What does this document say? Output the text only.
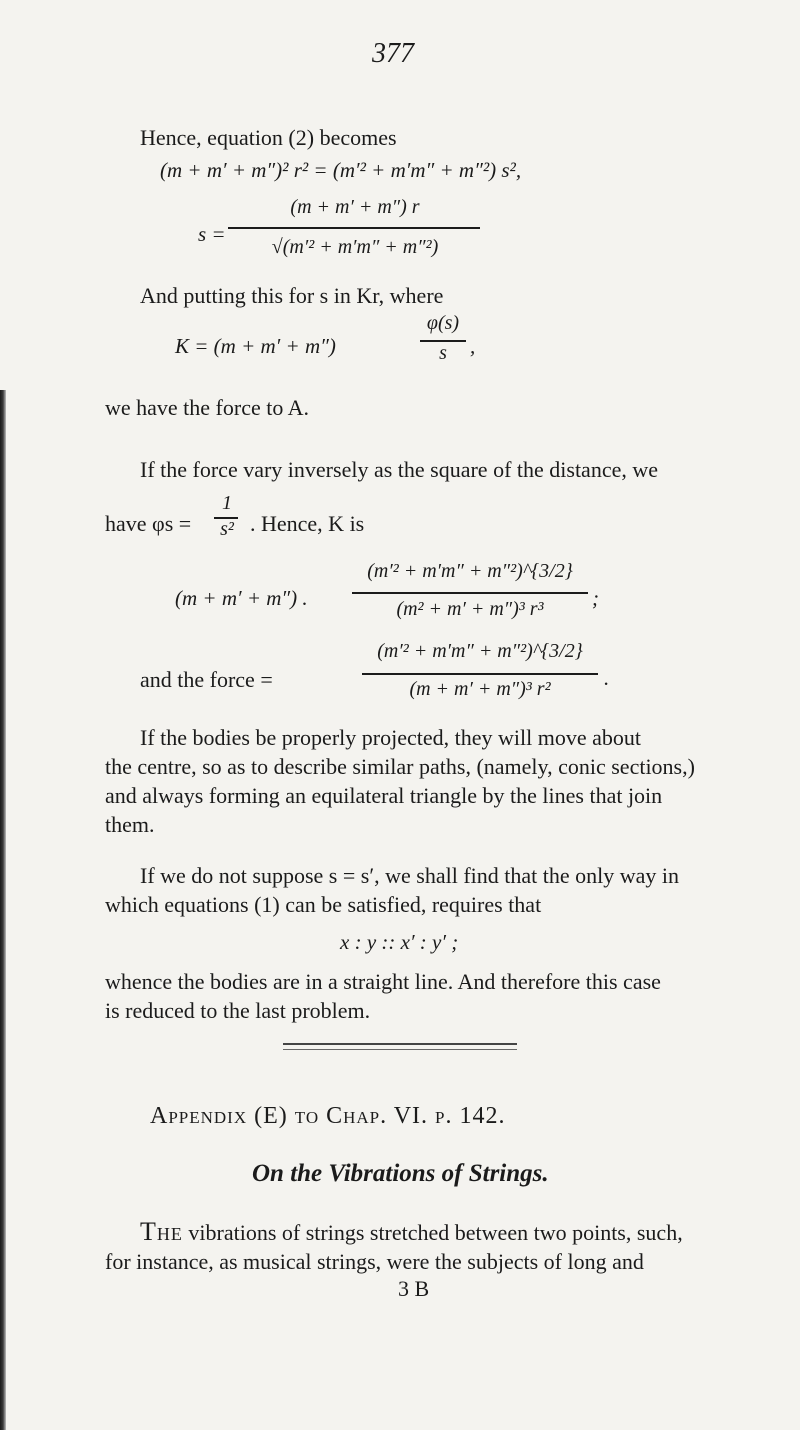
377
Hence, equation (2) becomes
(m + m′ + m″)² r² = (m′² + m′m″ + m″²) s²,
s =
(m + m′ + m″) r
√(m′² + m′m″ + m″²)
And putting this for s in Kr, where
K = (m + m′ + m″)
φ(s)
s	,
we have the force to A.
If the force vary inversely as the square of the distance, we
have φs =
1
s² . Hence, K is
(m + m′ + m″) .
(m′² + m′m″ + m″²)^{3/2}
(m² + m′ + m″)³ r³	;
and the force =
(m′² + m′m″ + m″²)^{3/2}
(m + m′ + m″)³ r²	.
If the bodies be properly projected, they will move about
the centre, so as to describe similar paths, (namely, conic sections,)
and always forming an equilateral triangle by the lines that join
them.
If we do not suppose s = s′, we shall find that the only way in
which equations (1) can be satisfied, requires that
x : y :: x′ : y′ ;
whence the bodies are in a straight line. And therefore this case
is reduced to the last problem.
Appendix (E) to Chap. VI. p. 142.
On the Vibrations of Strings.
The vibrations of strings stretched between two points, such,
for instance, as musical strings, were the subjects of long and
3 B
